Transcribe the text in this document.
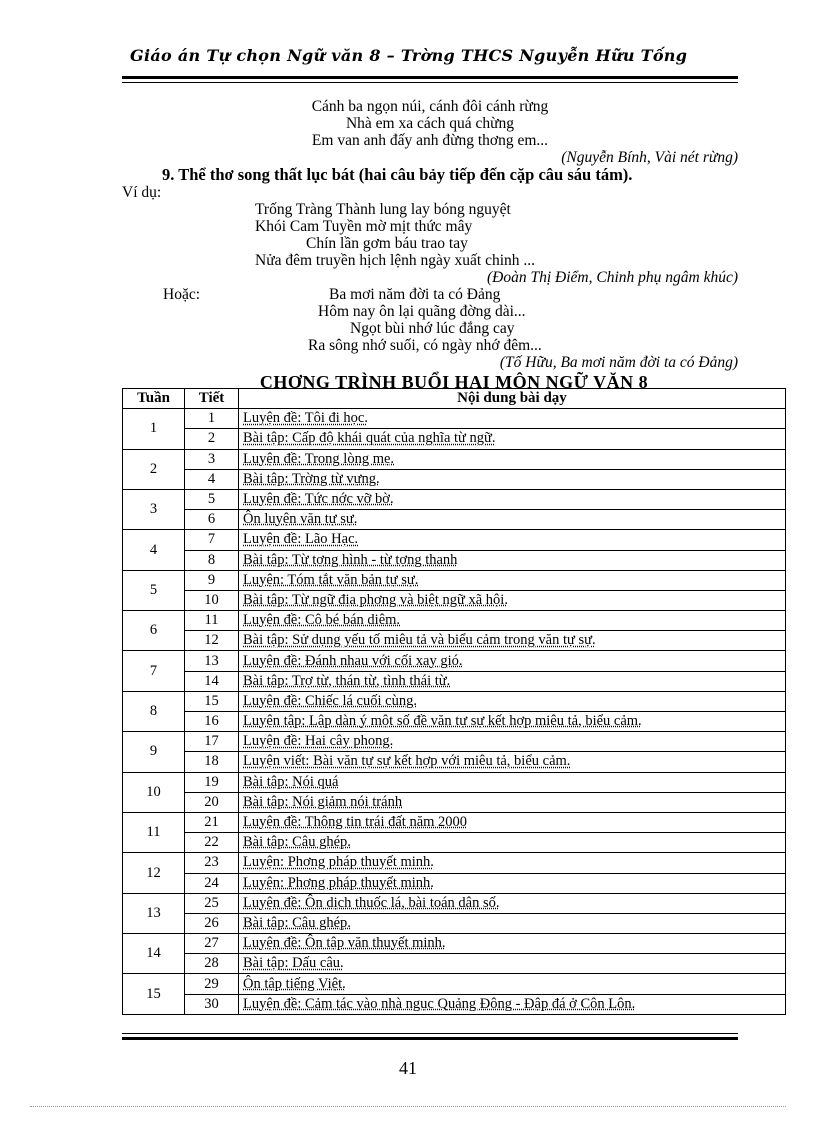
Giáo án Tự chọn Ngữ văn 8 – Trờng THCS Nguyễn Hữu Tống
Cánh ba ngọn núi, cánh đôi cánh rừng
Nhà em xa cách quá chừng
Em van anh đấy anh đừng thơng em...
(Nguyễn Bính, Vài nét rừng)
9. Thể thơ song thất lục bát (hai câu bảy tiếp đến cặp câu sáu tám).
Ví dụ:
Trống Tràng Thành lung lay bóng nguyệt
Khói Cam Tuyền mờ mịt thức mây
Chín lần gơm báu trao tay
Nửa đêm truyền hịch lệnh ngày xuất chinh ...
(Đoàn Thị Điểm, Chinh phụ ngâm khúc)
Hoặc:	Ba mơi năm đời ta có Đảng
Hôm nay ôn lại quãng đờng dài...
Ngọt bùi nhớ lúc đắng cay
Ra sông nhớ suối, có ngày nhớ đêm...
(Tố Hữu, Ba mơi năm đời ta có Đảng)
CHƠNG TRÌNH BUỔI HAI MÔN NGỮ VĂN 8
Tuần	Tiết	Nội dung bài dạy
1	1	Luyện đề: Tôi đi học.
	2	Bài tập: Cấp độ khái quát của nghĩa từ ngữ.
2	3	Luyện đề: Trong lòng mẹ.
	4	Bài tập: Trờng từ vựng.
3	5	Luyện đề: Tức nớc vỡ bờ.
	6	Ôn luyện văn tự sự.
4	7	Luyện đề: Lão Hạc.
	8	Bài tập: Từ tợng hình - từ tợng thanh
5	9	Luyện: Tóm tắt văn bản tự sự.
	10	Bài tập: Từ ngữ địa phơng và biệt ngữ xã hội.
6	11	Luyện đề: Cô bé bán diêm.
	12	Bài tập: Sử dụng yếu tố miêu tả và biểu cảm trong văn tự sự.
7	13	Luyện đề: Đánh nhau với cối xay gió.
	14	Bài tập: Trợ từ, thán từ, tình thái từ.
8	15	Luyện đề: Chiếc lá cuối cùng.
	16	Luyện tập: Lập dàn ý một số đề văn tự sự kết hợp miêu tả, biểu cảm.
9	17	Luyện đề: Hai cây phong.
	18	Luyện viết: Bài văn tự sự kết hợp với miêu tả, biểu cảm.
10	19	Bài tập: Nói quá
	20	Bài tập: Nói giảm nói tránh
11	21	Luyện đề: Thông tin trái đất năm 2000
	22	Bài tập: Câu ghép.
12	23	Luyện: Phơng pháp thuyết minh.
	24	Luyện: Phơng pháp thuyết minh.
13	25	Luyện đề: Ôn dịch thuốc lá, bài toán dân số.
	26	Bài tập: Câu ghép.
14	27	Luyện đề: Ôn tập văn thuyết minh.
	28	Bài tập: Dấu câu.
15	29	Ôn tập tiếng Việt.
	30	Luyện đề: Cảm tác vào nhà ngục Quảng Đông - Đập đá ở Côn Lôn.
41
